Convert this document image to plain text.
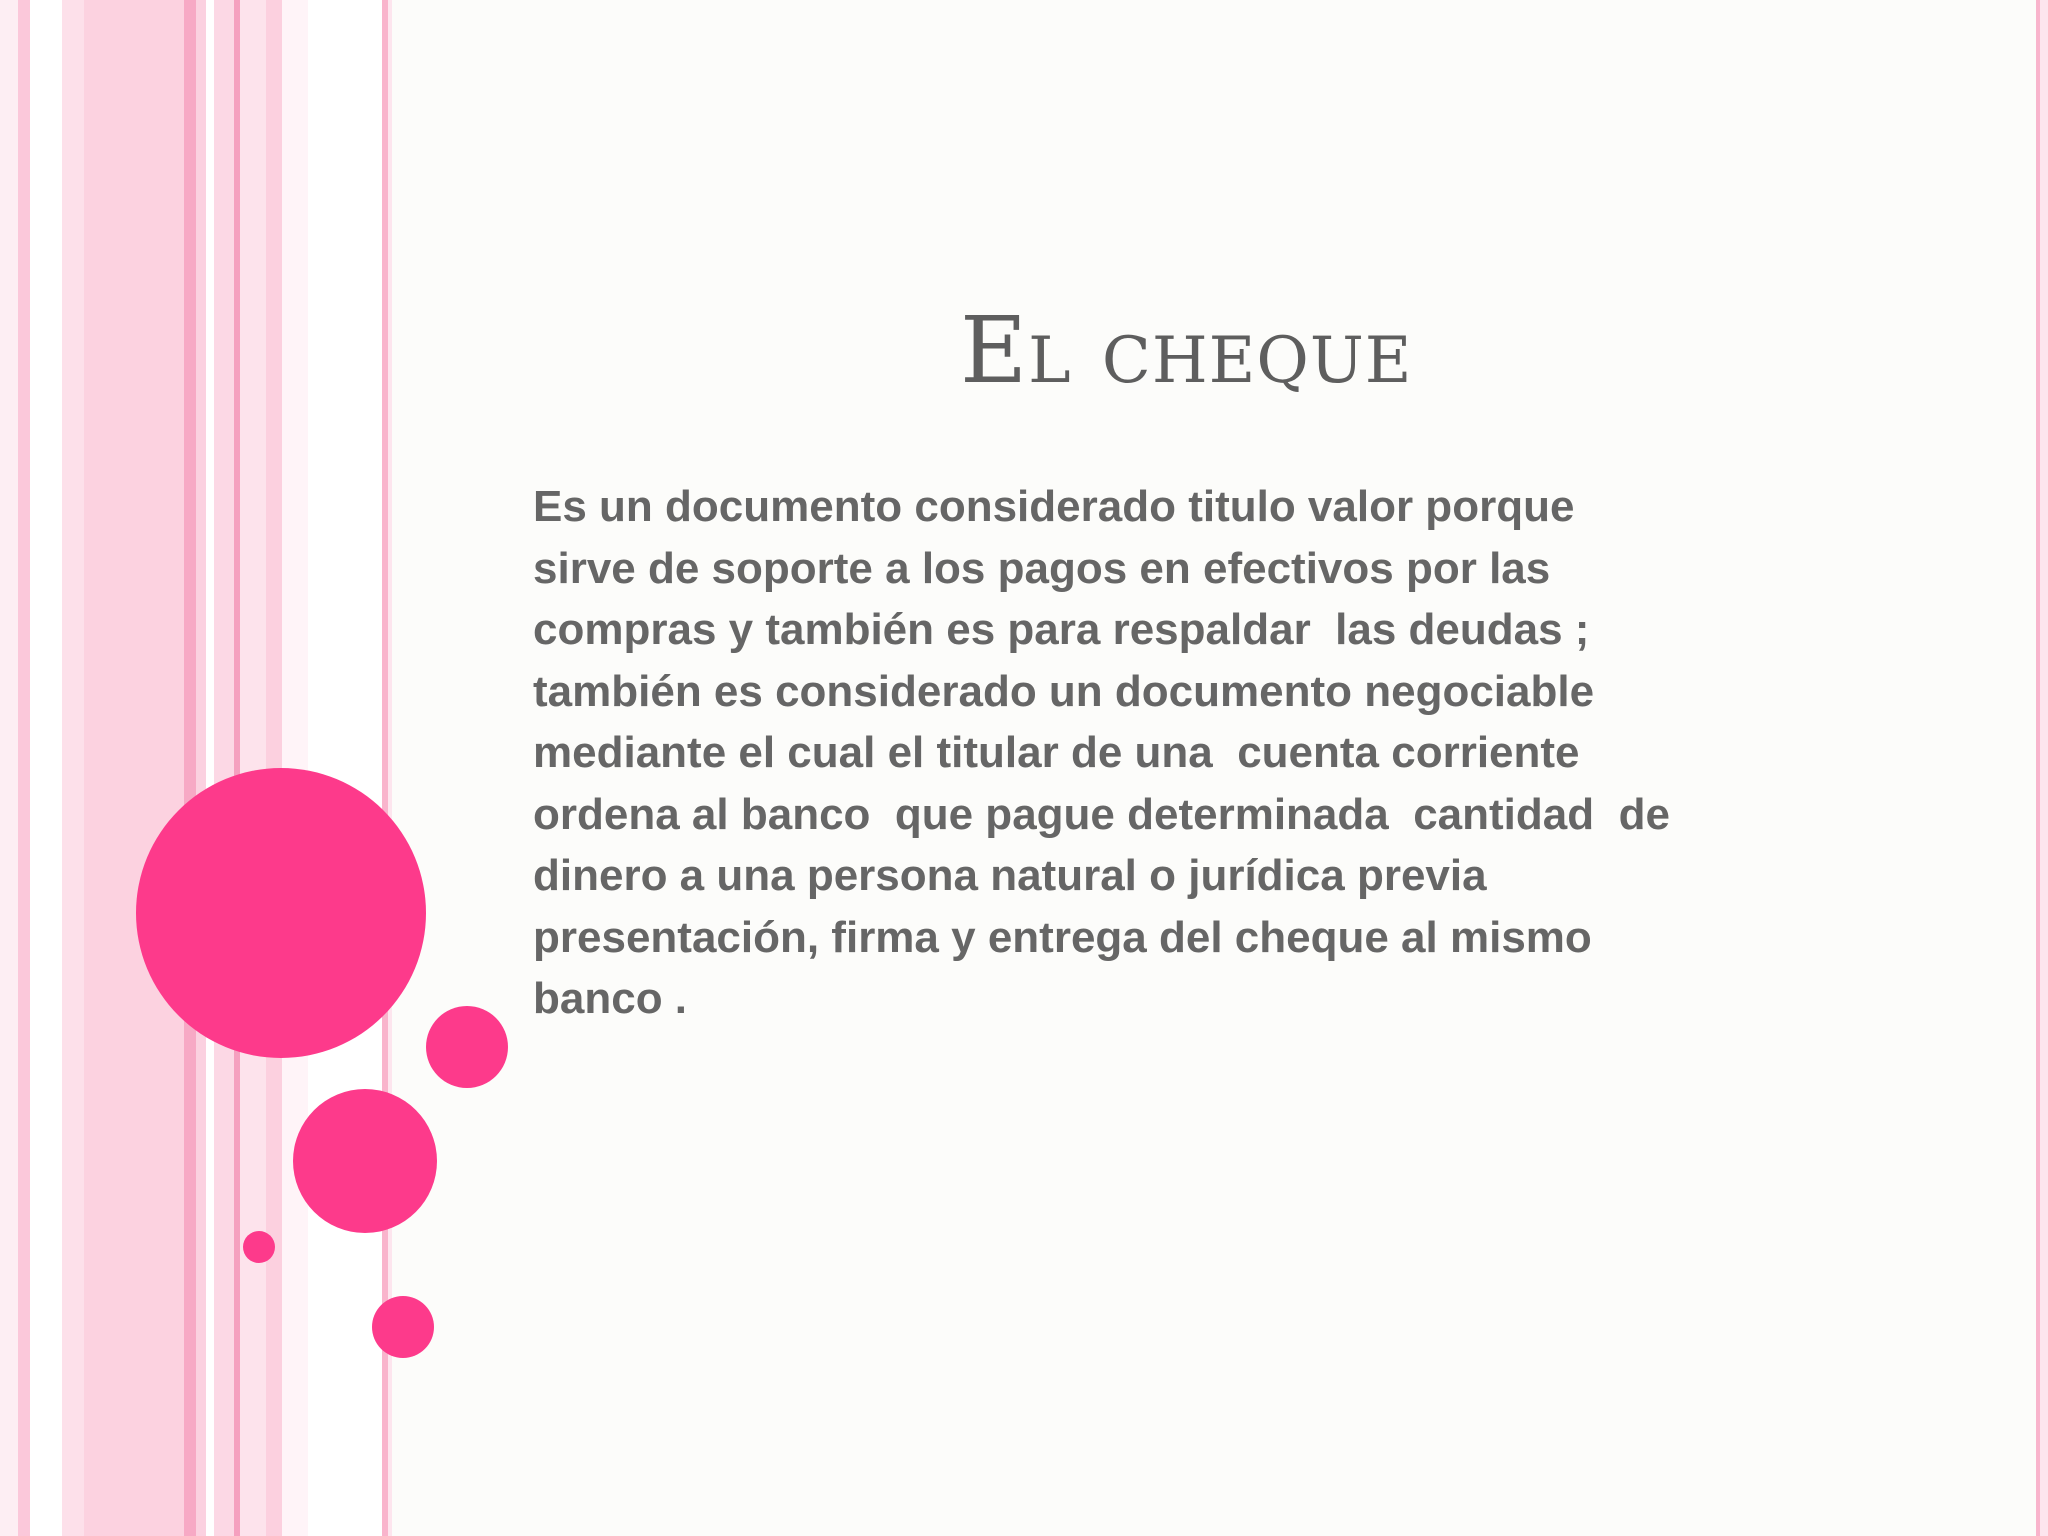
El cheque
Es un documento considerado titulo valor porque
sirve de soporte a los pagos en efectivos por las
compras y también es para respaldar  las deudas ;
también es considerado un documento negociable
mediante el cual el titular de una  cuenta corriente
ordena al banco  que pague determinada  cantidad  de
dinero a una persona natural o jurídica previa
presentación, firma y entrega del cheque al mismo
banco .
